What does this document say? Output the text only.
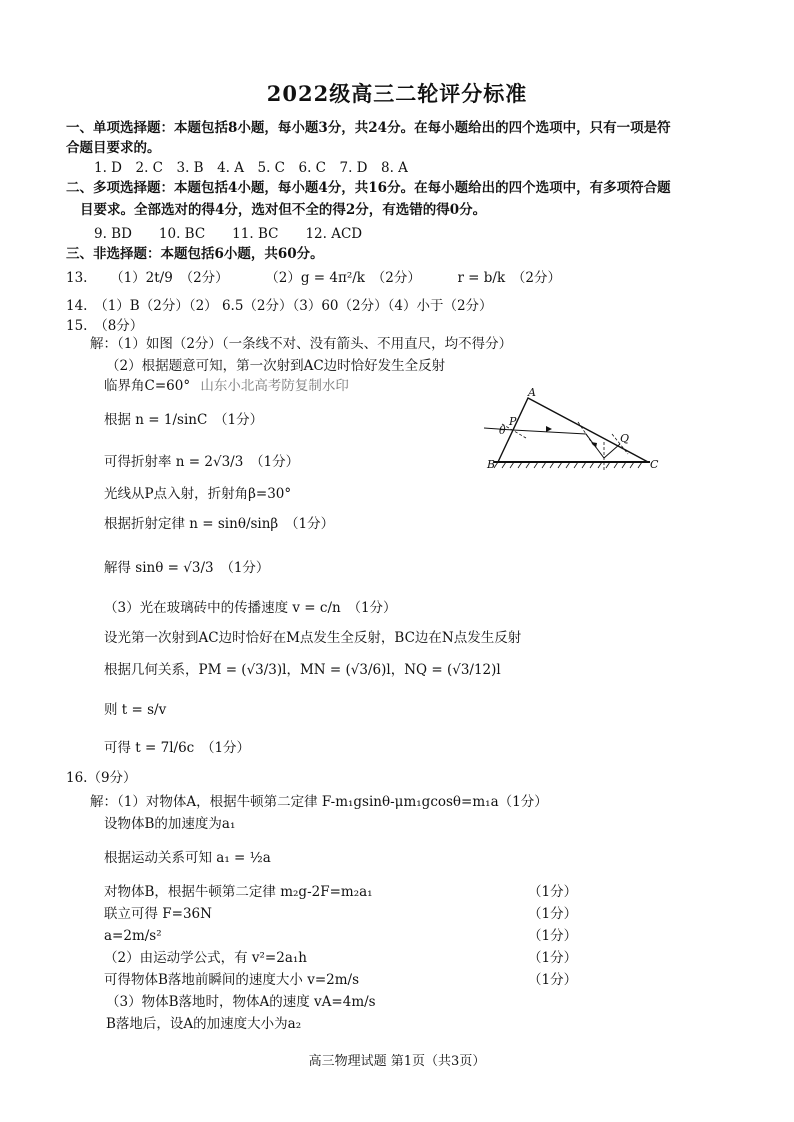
2022级高三二轮评分标准
一、单项选择题：本题包括8小题，每小题3分，共24分。在每小题给出的四个选项中，只有一项是符
合题目要求的。
1. D　2. C　3. B　4. A　5. C　6. C　7. D　8. A
二、多项选择题：本题包括4小题，每小题4分，共16分。在每小题给出的四个选项中，有多项符合题
目要求。全部选对的得4分，选对但不全的得2分，有选错的得0分。
9. BD　　10. BC　　11. BC　　12. ACD
三、非选择题：本题包括6小题，共60分。
13. （1）2t/9　（2分）	（2）g = 4π²/k　（2分）	r = b/k　（2分）
14.　（1）B（2分）（2） 6.5（2分）（3）60（2分）（4）小于（2分）
15.　（8分）
解：（1）如图（2分）（一条线不对、没有箭头、不用直尺，均不得分）
（2）根据题意可知，第一次射到AC边时恰好发生全反射
临界角C=60° 山东小北高考防复制水印
根据 n = 1/sinC　（1分）
可得折射率 n = 2√3/3　（1分）
光线从P点入射，折射角β=30°
根据折射定律 n = sinθ/sinβ　（1分）
解得 sinθ = √3/3　（1分）
（3）光在玻璃砖中的传播速度 v = c/n　（1分）
设光第一次射到AC边时恰好在M点发生全反射，BC边在N点发生反射
根据几何关系，PM = (√3/3)l，MN = (√3/6)l，NQ = (√3/12)l
则 t = s/v
可得 t = 7l/6c　（1分）
A
B	C
P
Q
θ
16.（9分）
解：（1）对物体A，根据牛顿第二定律 F-m₁gsinθ-μm₁gcosθ=m₁a（1分）
设物体B的加速度为a₁
根据运动关系可知 a₁ = ½a
对物体B，根据牛顿第二定律 m₂g-2F=m₂a₁	（1分）
联立可得 F=36N	（1分）
a=2m/s²	（1分）
（2）由运动学公式，有 v²=2a₁h	（1分）
可得物体B落地前瞬间的速度大小 v=2m/s	（1分）
（3）物体B落地时，物体A的速度 vA=4m/s
B落地后，设A的加速度大小为a₂
高三物理试题 第1页（共3页）
